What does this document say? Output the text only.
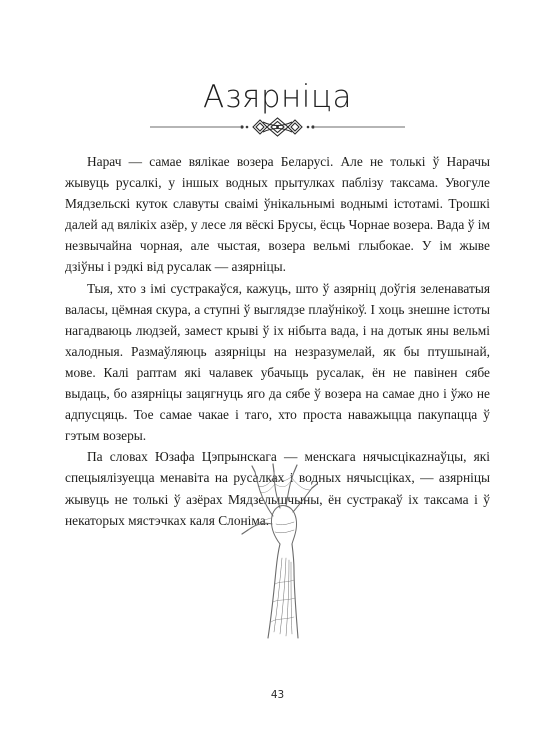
Азярніца

Нарач — самае вялікае возера Беларусі. Але не толькі ў Нарачы жывуць русалкі, у іншых водных прытулках паблізу таксама. Увогуле Мядзельскі куток славуты сваімі ўнікальнымі воднымі істотамі. Трошкі далей ад вялікіх азёр, у лесе ля вёскі Брусы, ёсць Чорнае возера. Вада ў ім незвычайна чорная, але чыстая, возера вельмі глыбокае. У ім жыве дзіўны і рэдкі від русалак — азярніцы.

Тыя, хто з імі сустракаўся, кажуць, што ў азярніц доўгія зеленаватыя валасы, цёмная скура, а ступні ў выглядзе плаўнікоў. І хоць знешне істоты нагадваюць людзей, замест крыві ў іх нібыта вада, і на дотык яны вельмі халодныя. Размаўляюць азярніцы на незразумелай, як бы птушынай, мове. Калі раптам які чалавек убачыць русалак, ён не павінен сябе выдаць, бо азярніцы зацягнуць яго да сябе ў возера на самае дно і ўжо не адпусцяць. Тое самае чакае і таго, хто проста наважыцца пакупацца ў гэтым возеры.

Па словах Юзафа Цэпрынскага — менскага нячысцікazнаўцы, які спецыялізуецца менавіта на русалках і водных нячысціках, — азярніцы жывуць не толькі ў азёрах Мядзельшчыны, ён сустракаў іх таксама і ў некаторых мястэчках каля Слоніма.

43
